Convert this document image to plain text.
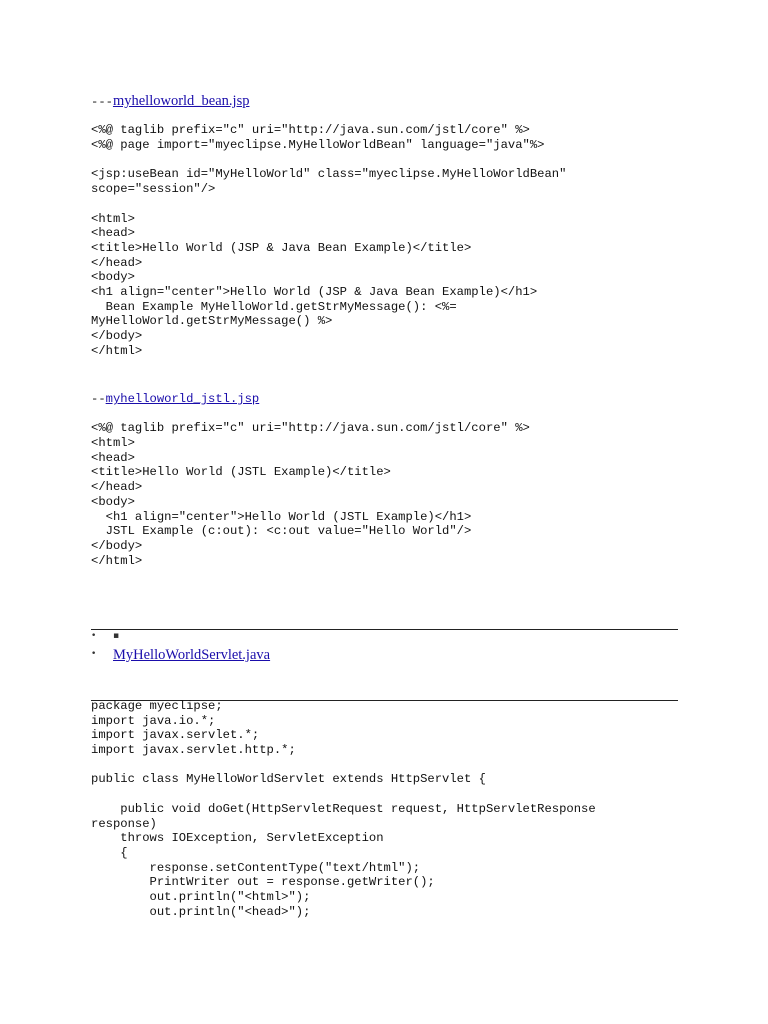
---myhelloworld_bean.jsp
<%@ taglib prefix="c" uri="http://java.sun.com/jstl/core" %>
<%@ page import="myeclipse.MyHelloWorldBean" language="java"%>
<jsp:useBean id="MyHelloWorld" class="myeclipse.MyHelloWorldBean"
scope="session"/>
<html>
<head>
<title>Hello World (JSP & Java Bean Example)</title>
</head>
<body>
<h1 align="center">Hello World (JSP & Java Bean Example)</h1>
Bean Example MyHelloWorld.getStrMyMessage(): <%=
MyHelloWorld.getStrMyMessage() %>
</body>
</html>
--myhelloworld_jstl.jsp
<%@ taglib prefix="c" uri="http://java.sun.com/jstl/core" %>
<html>
<head>
<title>Hello World (JSTL Example)</title>
</head>
<body>
<h1 align="center">Hello World (JSTL Example)</h1>
JSTL Example (c:out): <c:out value="Hello World"/>
</body>
</html>
• ▪
• MyHelloWorldServlet.java
package myeclipse;
import java.io.*;
import javax.servlet.*;
import javax.servlet.http.*;
public class MyHelloWorldServlet extends HttpServlet {
public void doGet(HttpServletRequest request, HttpServletResponse
response)
throws IOException, ServletException
{
response.setContentType("text/html");
PrintWriter out = response.getWriter();
out.println("<html>");
out.println("<head>");
